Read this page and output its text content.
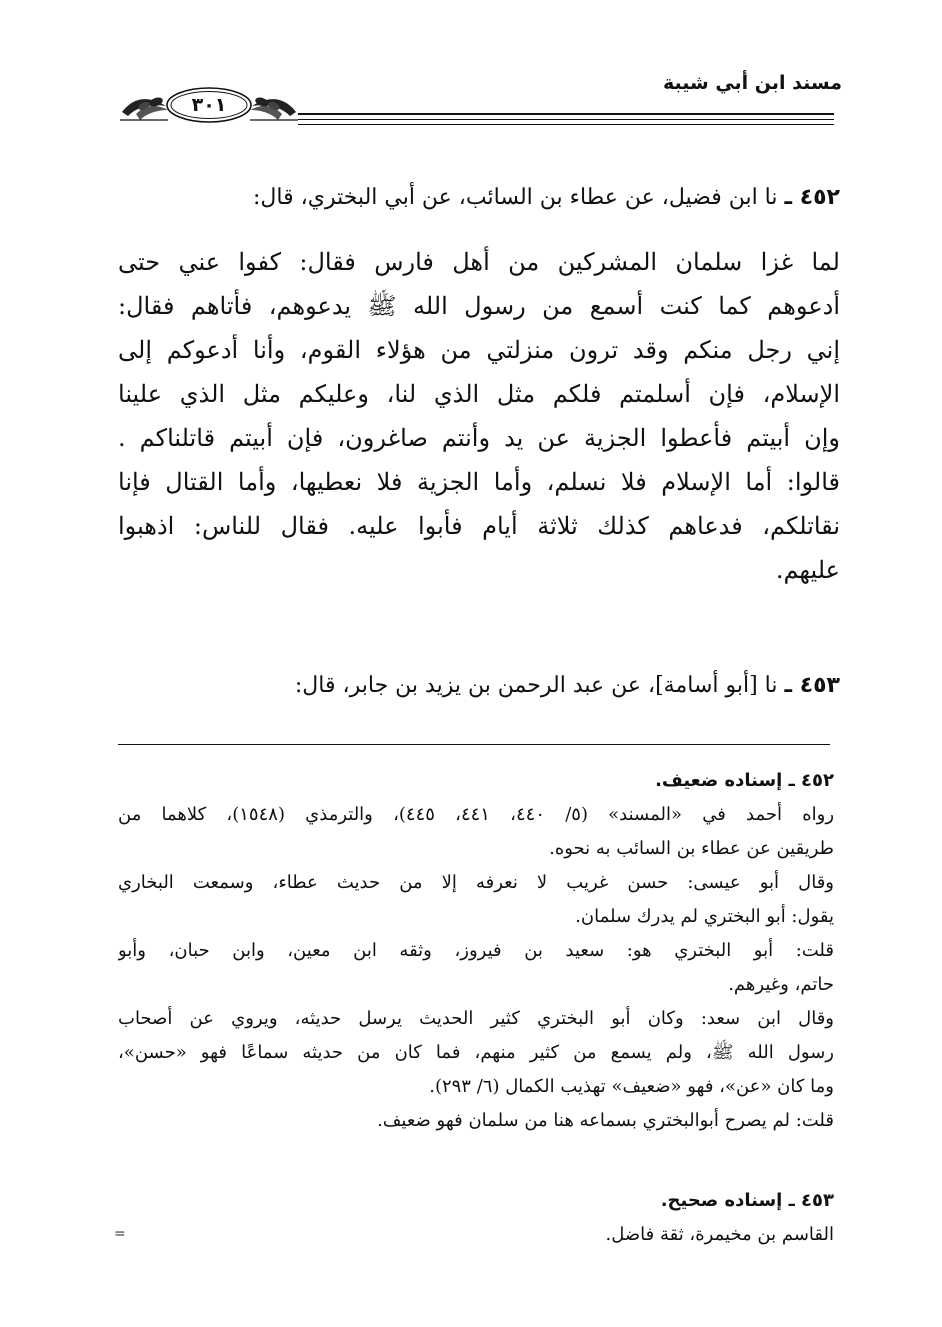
مسند ابن أبي شيبة
٣٠١
٤٥٢ ـ نا ابن فضيل، عن عطاء بن السائب، عن أبي البختري، قال:
لما غزا سلمان المشركين من أهل فارس فقال: كفوا عني حتى
أدعوهم كما كنت أسمع من رسول الله ﷺ يدعوهم، فأتاهم فقال:
إني رجل منكم وقد ترون منزلتي من هؤلاء القوم، وأنا أدعوكم إلى
الإسلام، فإن أسلمتم فلكم مثل الذي لنا، وعليكم مثل الذي علينا
وإن أبيتم فأعطوا الجزية عن يد وأنتم صاغرون، فإن أبيتم قاتلناكم .
قالوا: أما الإسلام فلا نسلم، وأما الجزية فلا نعطيها، وأما القتال فإنا
نقاتلكم، فدعاهم كذلك ثلاثة أيام فأبوا عليه. فقال للناس: اذهبوا
عليهم.
٤٥٣ ـ نا [أبو أسامة]، عن عبد الرحمن بن يزيد بن جابر، قال:
٤٥٢ ـ إسناده ضعيف.
رواه أحمد في «المسند» (٥/ ٤٤٠، ٤٤١، ٤٤٥)، والترمذي (١٥٤٨)، كلاهما من
طريقين عن عطاء بن السائب به نحوه.
وقال أبو عيسى: حسن غريب لا نعرفه إلا من حديث عطاء، وسمعت البخاري
يقول: أبو البختري لم يدرك سلمان.
قلت: أبو البختري هو: سعيد بن فيروز، وثقه ابن معين، وابن حبان، وأبو
حاتم، وغيرهم.
وقال ابن سعد: وكان أبو البختري كثير الحديث يرسل حديثه، ويروي عن أصحاب
رسول الله ﷺ، ولم يسمع من كثير منهم، فما كان من حديثه سماعًا فهو «حسن»،
وما كان «عن»، فهو «ضعيف» تهذيب الكمال (٦/ ٢٩٣).
قلت: لم يصرح أبوالبختري بسماعه هنا من سلمان فهو ضعيف.
٤٥٣ ـ إسناده صحيح.
القاسم بن مخيمرة، ثقة فاضل.
=
